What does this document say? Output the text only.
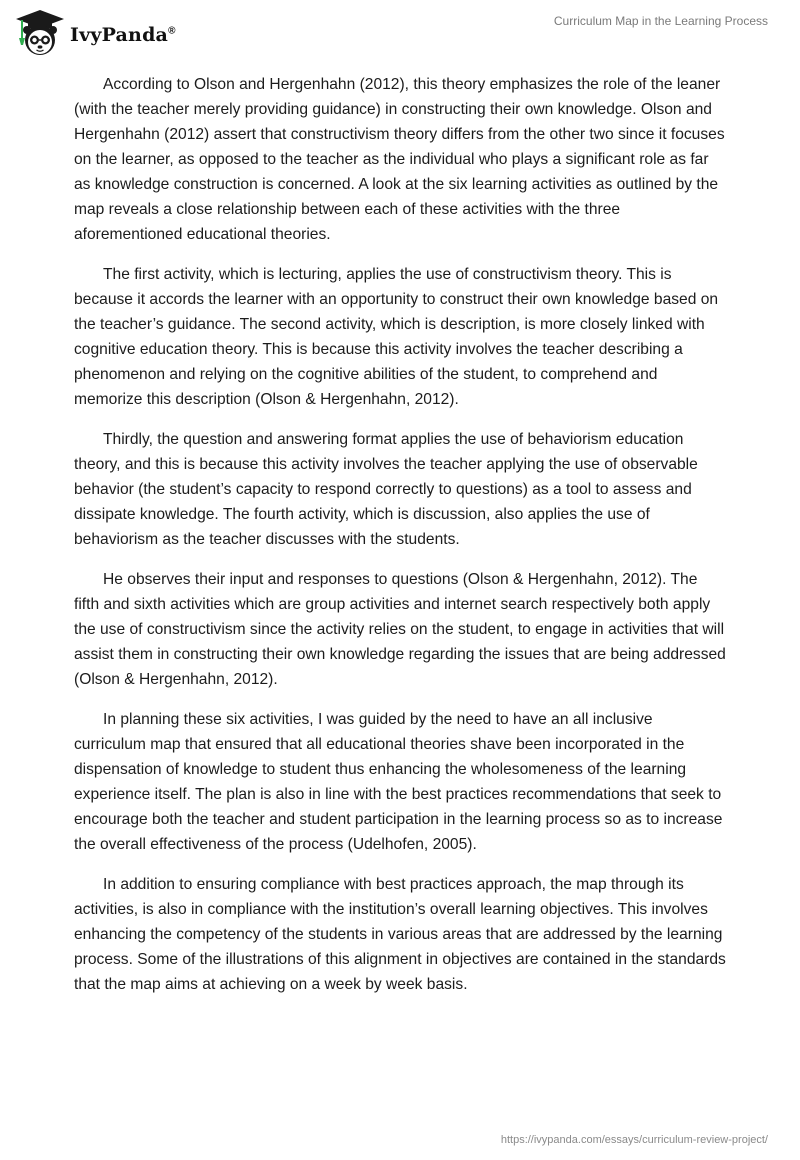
IvyPanda®
Curriculum Map in the Learning Process

According to Olson and Hergenhahn (2012), this theory emphasizes the role of the leaner (with the teacher merely providing guidance) in constructing their own knowledge. Olson and Hergenhahn (2012) assert that constructivism theory differs from the other two since it focuses on the learner, as opposed to the teacher as the individual who plays a significant role as far as knowledge construction is concerned. A look at the six learning activities as outlined by the map reveals a close relationship between each of these activities with the three aforementioned educational theories.

The first activity, which is lecturing, applies the use of constructivism theory. This is because it accords the learner with an opportunity to construct their own knowledge based on the teacher’s guidance. The second activity, which is description, is more closely linked with cognitive education theory. This is because this activity involves the teacher describing a phenomenon and relying on the cognitive abilities of the student, to comprehend and memorize this description (Olson & Hergenhahn, 2012).

Thirdly, the question and answering format applies the use of behaviorism education theory, and this is because this activity involves the teacher applying the use of observable behavior (the student’s capacity to respond correctly to questions) as a tool to assess and dissipate knowledge. The fourth activity, which is discussion, also applies the use of behaviorism as the teacher discusses with the students.

He observes their input and responses to questions (Olson & Hergenhahn, 2012). The fifth and sixth activities which are group activities and internet search respectively both apply the use of constructivism since the activity relies on the student, to engage in activities that will assist them in constructing their own knowledge regarding the issues that are being addressed (Olson & Hergenhahn, 2012).

In planning these six activities, I was guided by the need to have an all inclusive curriculum map that ensured that all educational theories shave been incorporated in the dispensation of knowledge to student thus enhancing the wholesomeness of the learning experience itself. The plan is also in line with the best practices recommendations that seek to encourage both the teacher and student participation in the learning process so as to increase the overall effectiveness of the process (Udelhofen, 2005).

In addition to ensuring compliance with best practices approach, the map through its activities, is also in compliance with the institution’s overall learning objectives. This involves enhancing the competency of the students in various areas that are addressed by the learning process. Some of the illustrations of this alignment in objectives are contained in the standards that the map aims at achieving on a week by week basis.

https://ivypanda.com/essays/curriculum-review-project/
